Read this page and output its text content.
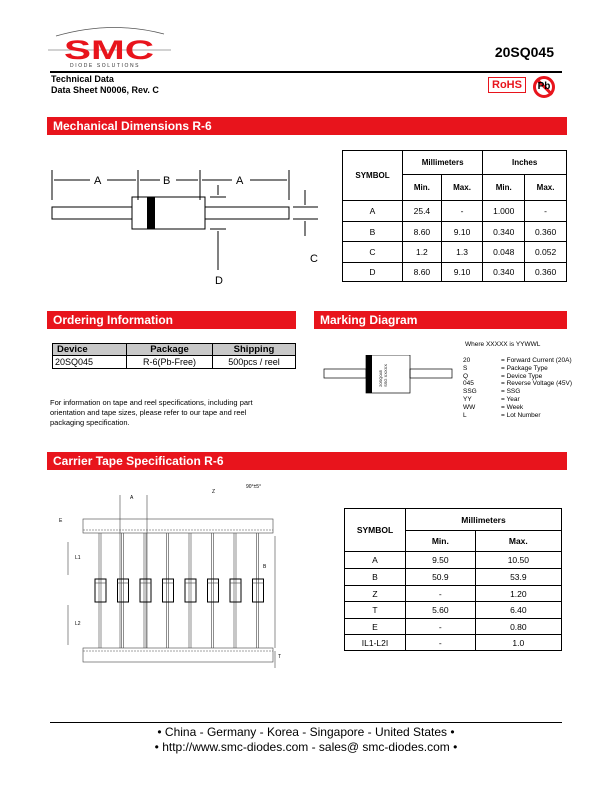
SMC
DIODE SOLUTIONS
20SQ045
Technical Data
Data Sheet N0006, Rev. C	RoHS	Pb
Mechanical Dimensions R-6
A	B	A
C
D
SYMBOL	Millimeters		Inches	
	Min.	Max.	Min.	Max.
A	25.4	-	1.000	-
B	8.60	9.10	0.340	0.360
C	1.2	1.3	0.048	0.052
D	8.60	9.10	0.340	0.360
Ordering Information
Device	Package	Shipping
20SQ045	R-6(Pb-Free)	500pcs / reel
For information on tape and reel specifications, including part orientation and tape sizes, please refer to our tape and reel packaging specification.
Marking Diagram
20SQ045 SSG XXXXX
Where XXXXX is YYWWL
20	= Forward Current (20A)
S	= Package Type
Q	= Device Type
045	= Reverse Voltage (45V)
SSG	= SSG
YY	= Year
WW	= Week
L	= Lot Number
Carrier Tape Specification R-6
A
B
Z
90°±5°
E
L1
L2
T
SYMBOL	Millimeters	
	Min.	Max.
A	9.50	10.50
B	50.9	53.9
Z	-	1.20
T	5.60	6.40
E	-	0.80
IL1-L2I	-	1.0
• China - Germany - Korea - Singapore - United States •
• http://www.smc-diodes.com - sales@ smc-diodes.com •
